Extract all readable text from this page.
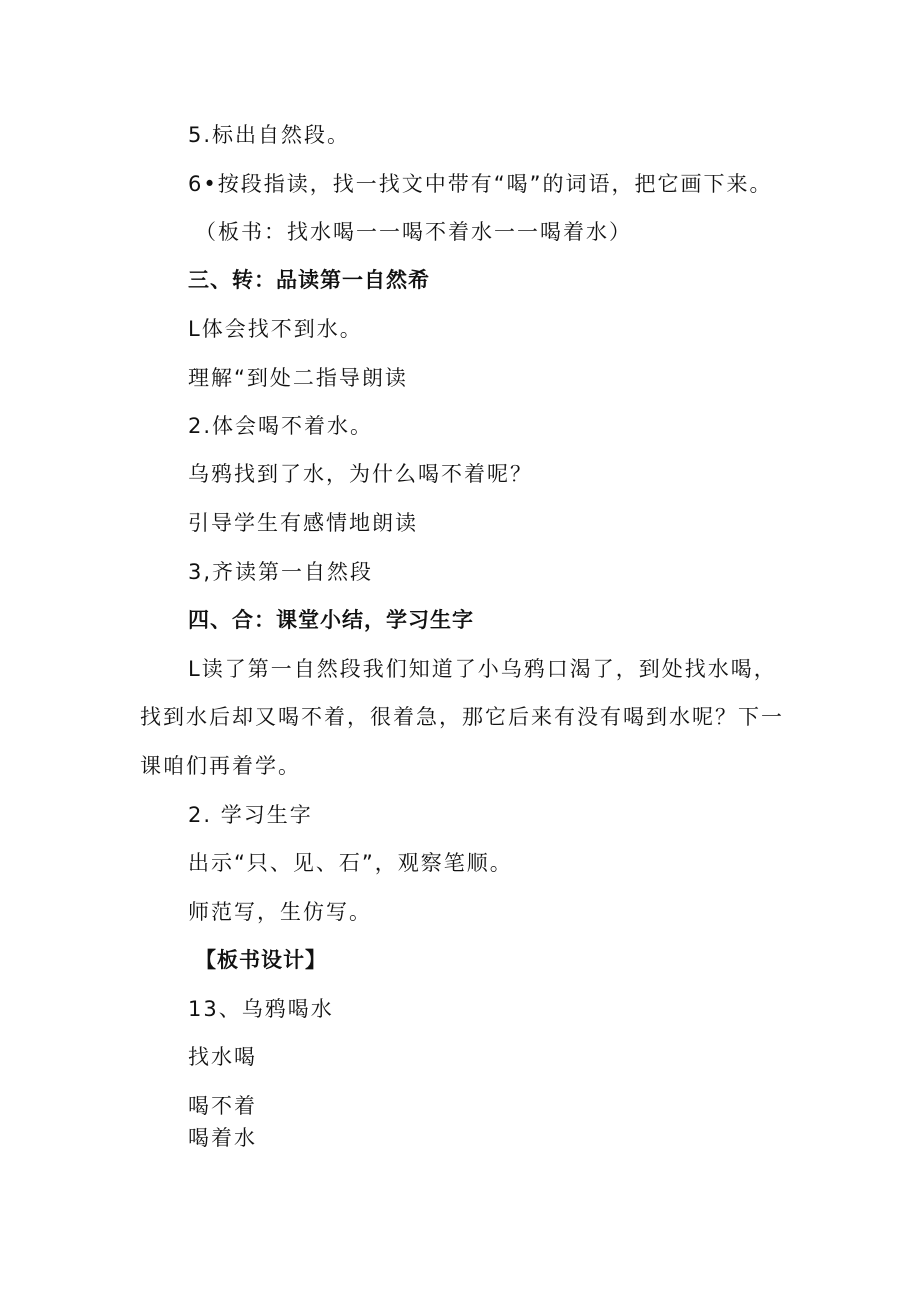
5.标出自然段。
6•按段指读，找一找文中带有“喝”的词语，把它画下来。
（板书：找水喝一一喝不着水一一喝着水）
三、转：品读第一自然希
L体会找不到水。
理解“到处二指导朗读
2.体会喝不着水。
乌鸦找到了水，为什么喝不着呢？
引导学生有感情地朗读
3,齐读第一自然段
四、合：课堂小结，学习生字
L读了第一自然段我们知道了小乌鸦口渴了，到处找水喝，
找到水后却又喝不着，很着急，那它后来有没有喝到水呢？下一
课咱们再着学。
2. 学习生字
出示“只、见、石”，观察笔顺。
师范写，生仿写。
【板书设计】
13、乌鸦喝水
找水喝
喝不着
喝着水
